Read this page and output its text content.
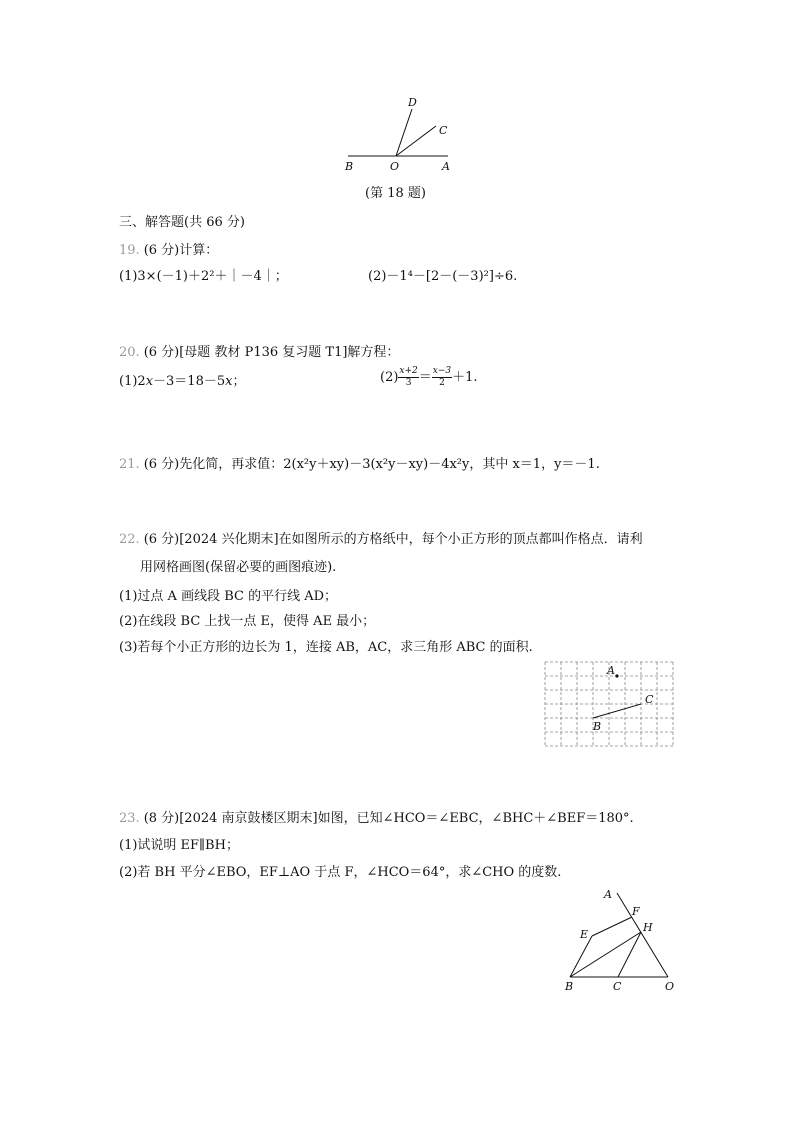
D
C
B	O	A
(第 18 题)
三、解答题(共 66 分)
19. (6 分)计算：
(1)3×(－1)＋2²＋｜－4｜；	(2)－1⁴－[2－(－3)²]÷6.
20. (6 分)[母题 教材 P136 复习题 T1]解方程：
(1)2x－3＝18－5x；	$(2) \frac{x+2}{3} = \frac{x-3}{2} +1$.
21. (6 分)先化简，再求值：2(x²y＋xy)－3(x²y－xy)－4x²y，其中 x＝1，y＝－1.
22. (6 分)[2024 兴化期末]在如图所示的方格纸中，每个小正方形的顶点都叫作格点．请利
用网格画图(保留必要的画图痕迹).
(1)过点 A 画线段 BC 的平行线 AD；
(2)在线段 BC 上找一点 E，使得 AE 最小；
(3)若每个小正方形的边长为 1，连接 AB，AC，求三角形 ABC 的面积.
A
C
B
23. (8 分)[2024 南京鼓楼区期末]如图，已知∠HCO＝∠EBC，∠BHC＋∠BEF＝180°.
(1)试说明 EF∥BH；
(2)若 BH 平分∠EBO，EF⊥AO 于点 F，∠HCO＝64°，求∠CHO 的度数.
A
F
H
E
B	C	O
